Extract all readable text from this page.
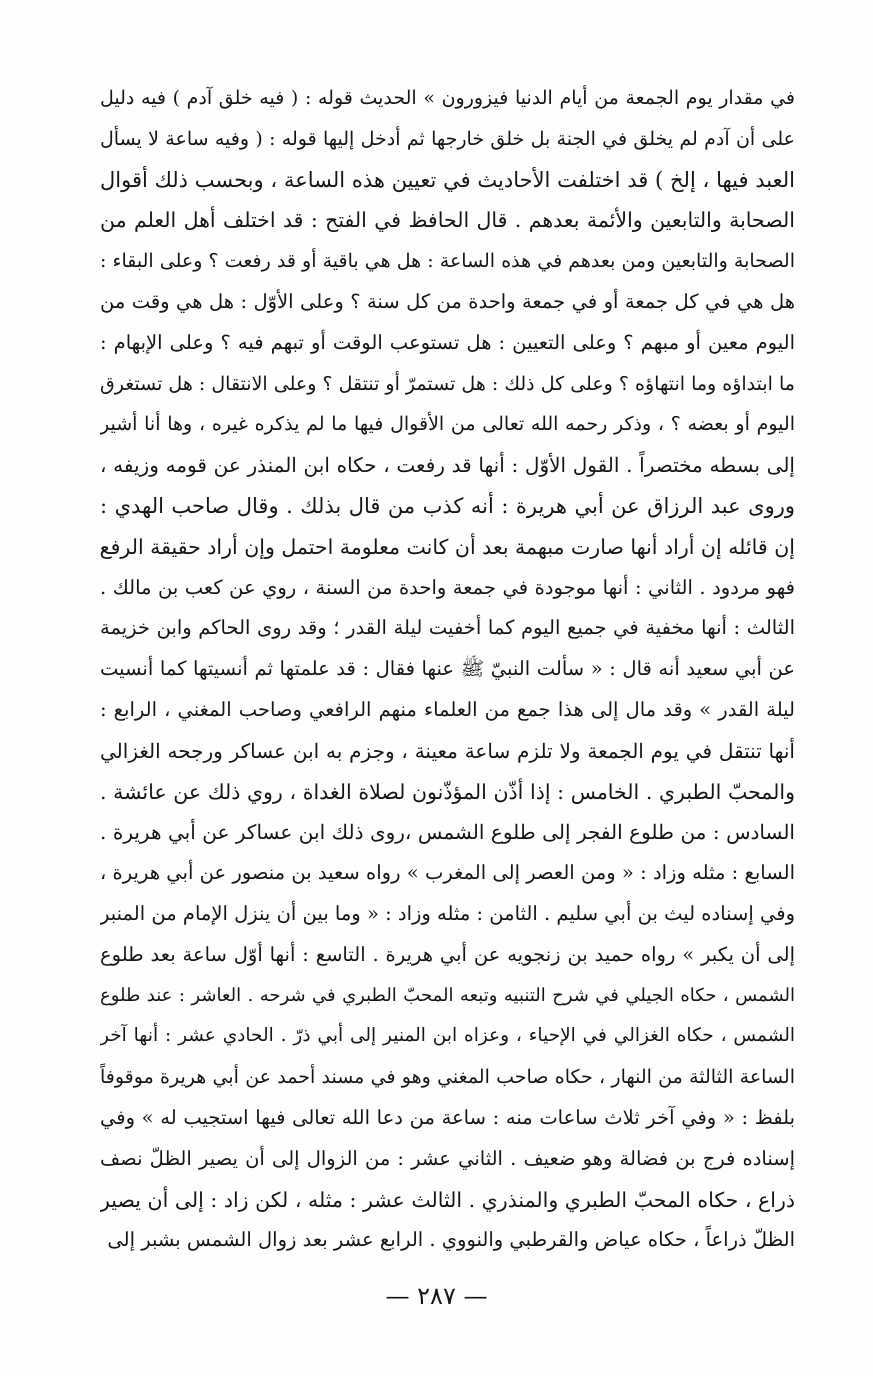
في مقدار يوم الجمعة من أيام الدنيا فيزورون » الحديث قوله : ( فيه خلق آدم ) فيه دليل
على أن آدم لم يخلق في الجنة بل خلق خارجها ثم أدخل إليها قوله : ( وفيه ساعة لا يسأل
العبد فيها ، إلخ ) قد اختلفت الأحاديث في تعيين هذه الساعة ، وبحسب ذلك أقوال
الصحابة والتابعين والأئمة بعدهم . قال الحافظ في الفتح : قد اختلف أهل العلم من
الصحابة والتابعين ومن بعدهم في هذه الساعة : هل هي باقية أو قد رفعت ؟ وعلى البقاء :
هل هي في كل جمعة أو في جمعة واحدة من كل سنة ؟ وعلى الأوّل : هل هي وقت من
اليوم معين أو مبهم ؟ وعلى التعيين : هل تستوعب الوقت أو تبهم فيه ؟ وعلى الإبهام :
ما ابتداؤه وما انتهاؤه ؟ وعلى كل ذلك : هل تستمرّ أو تنتقل ؟ وعلى الانتقال : هل تستغرق
اليوم أو بعضه ؟ ، وذكر رحمه الله تعالى من الأقوال فيها ما لم يذكره غيره ، وها أنا أشير
إلى بسطه مختصراً . القول الأوّل : أنها قد رفعت ، حكاه ابن المنذر عن قومه وزيفه ،
وروى عبد الرزاق عن أبي هريرة : أنه كذب من قال بذلك . وقال صاحب الهدي :
إن قائله إن أراد أنها صارت مبهمة بعد أن كانت معلومة احتمل وإن أراد حقيقة الرفع
فهو مردود . الثاني : أنها موجودة في جمعة واحدة من السنة ، روي عن كعب بن مالك .
الثالث : أنها مخفية في جميع اليوم كما أخفيت ليلة القدر ؛ وقد روى الحاكم وابن خزيمة
عن أبي سعيد أنه قال : « سألت النبيّ ﷺ عنها فقال : قد علمتها ثم أنسيتها كما أنسيت
ليلة القدر » وقد مال إلى هذا جمع من العلماء منهم الرافعي وصاحب المغني ، الرابع :
أنها تنتقل في يوم الجمعة ولا تلزم ساعة معينة ، وجزم به ابن عساكر ورجحه الغزالي
والمحبّ الطبري . الخامس : إذا أذّن المؤذّنون لصلاة الغداة ، روي ذلك عن عائشة .
السادس : من طلوع الفجر إلى طلوع الشمس ،روى ذلك ابن عساكر عن أبي هريرة .
السابع : مثله وزاد : « ومن العصر إلى المغرب » رواه سعيد بن منصور عن أبي هريرة ،
وفي إسناده ليث بن أبي سليم . الثامن : مثله وزاد : « وما بين أن ينزل الإمام من المنبر
إلى أن يكبر » رواه حميد بن زنجويه عن أبي هريرة . التاسع : أنها أوّل ساعة بعد طلوع
الشمس ، حكاه الجيلي في شرح التنبيه وتبعه المحبّ الطبري في شرحه . العاشر : عند طلوع
الشمس ، حكاه الغزالي في الإحياء ، وعزاه ابن المنير إلى أبي ذرّ . الحادي عشر : أنها آخر
الساعة الثالثة من النهار ، حكاه صاحب المغني وهو في مسند أحمد عن أبي هريرة موقوفاً
بلفظ : « وفي آخر ثلاث ساعات منه : ساعة من دعا الله تعالى فيها استجيب له » وفي
إسناده فرج بن فضالة وهو ضعيف . الثاني عشر : من الزوال إلى أن يصير الظلّ نصف
ذراع ، حكاه المحبّ الطبري والمنذري . الثالث عشر : مثله ، لكن زاد : إلى أن يصير
الظلّ ذراعاً ، حكاه عياض والقرطبي والنووي . الرابع عشر بعد زوال الشمس بشبر إلى
— ٢٨٧ —
